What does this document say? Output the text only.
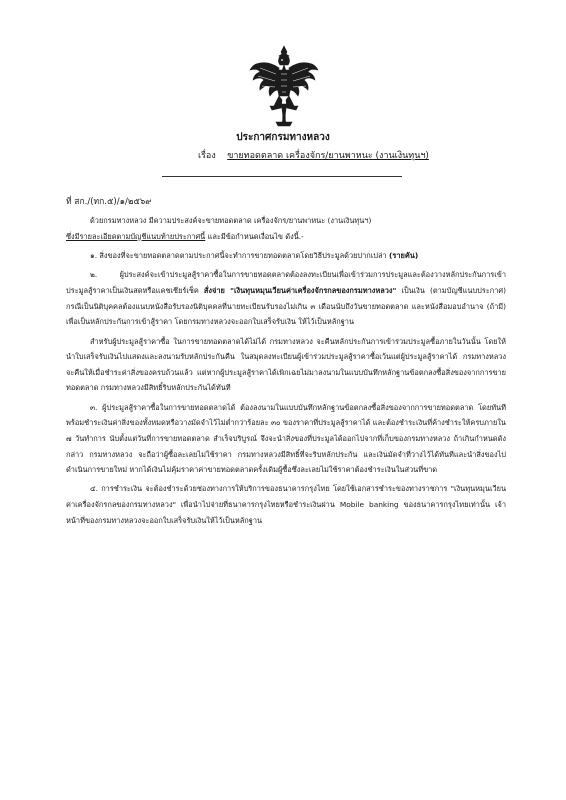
ประกาศกรมทางหลวง
เรื่อง ขายทอดตลาด เครื่องจักร/ยานพาหนะ (งานเงินทุนฯ)
ที่ สก./(ทก.๕)/๑/๒๕๖๙

ด้วยกรมทางหลวง มีความประสงค์จะขายทอดตลาด เครื่องจักร/ยานพาหนะ (งานเงินทุนฯ)
ซึ่งมีรายละเอียดตามบัญชีแนบท้ายประกาศนี้ และมีข้อกำหนดเงื่อนไข ดังนี้.-

๑. สิ่งของที่จะขายทอดตลาดตามประกาศนี้จะทำการขายทอดตลาดโดยวิธีประมูลด้วยปากเปล่า (รายคัน)

๒. ผู้ประสงค์จะเข้าประมูลสู้ราคาซื้อในการขายทอดตลาดต้องลงทะเบียนเพื่อเข้าร่วมการประมูลและต้องวางหลักประกันการเข้าประมูลสู้ราคาเป็นเงินสดหรือแคชเชียร์เช็ค สั่งจ่าย "เงินทุนหมุนเวียนค่าเครื่องจักรกลของกรมทางหลวง" เป็นเงิน (ตามบัญชีแนบประกาศ) กรณีเป็นนิติบุคคลต้องแนบหนังสือรับรองนิติบุคคลที่นายทะเบียนรับรองไม่เกิน ๓ เดือนนับถึงวันขายทอดตลาด และหนังสือมอบอำนาจ (ถ้ามี) เพื่อเป็นหลักประกันการเข้าสู้ราคา โดยกรมทางหลวงจะออกใบเสร็จรับเงิน ให้ไว้เป็นหลักฐาน

สำหรับผู้ประมูลสู้ราคาซื้อ ในการขายทอดตลาดได้ไม่ได้ กรมทางหลวง จะคืนหลักประกันการเข้าร่วมประมูลซื้อภายในวันนั้น โดยให้นำใบเสร็จรับเงินไปแสดงและลงนามรับหลักประกันคืน ในสมุดลงทะเบียนผู้เข้าร่วมประมูลสู้ราคาซื้อเว้นแต่ผู้ประมูลสู้ราคาได้ กรมทางหลวงจะคืนให้เมื่อชำระค่าสิ่งของครบถ้วนแล้ว แต่หากผู้ประมูลสู้ราคาได้เพิกเฉยไม่มาลงนามในแบบบันทึกหลักฐานข้อตกลงซื้อสิ่งของจากการขายทอดตลาด กรมทางหลวงมีสิทธิ์ริบหลักประกันได้ทันที

๓. ผู้ประมูลสู้ราคาซื้อในการขายทอดตลาดได้ ต้องลงนามในแบบบันทึกหลักฐานข้อตกลงซื้อสิ่งของจากการขายทอดตลาด โดยทันทีพร้อมชำระเงินค่าสิ่งของทั้งหมดหรือวางมัดจำไว้ไม่ต่ำกว่าร้อยละ ๓๐ ของราคาที่ประมูลสู้ราคาได้ และต้องชำระเงินที่ค้างชำระให้ครบภายใน ๗ วันทำการ นับตั้งแต่วันที่การขายทอดตลาด สำเร็จบริบูรณ์ จึงจะนำสิ่งของที่ประมูลได้ออกไปจากที่เก็บของกรมทางหลวง ถ้าเกินกำหนดดังกล่าว กรมทางหลวง จะถือว่าผู้ซื้อละเลยไม่ใช้ราคา กรมทางหลวงมีสิทธิ์ที่จะริบหลักประกัน และเงินมัดจำที่วางไว้ได้ทันทีและนำสิ่งของไป ดำเนินการขายใหม่ หากได้เงินไม่คุ้มราคาค่าขายทอดตลาดครั้งเดิมผู้ซื้อซึ่งละเลยไม่ใช้ราคาต้องชำระเงินในส่วนที่ขาด

๔. การชำระเงิน จะต้องชำระด้วยช่องทางการให้บริการของธนาคารกรุงไทย โดยใช้เอกสารชำระของทางราชการ "เงินทุนหมุนเวียนค่าเครื่องจักรกลของกรมทางหลวง" เพื่อนำไปจ่ายที่ธนาคารกรุงไทยหรือชำระเงินผ่าน Mobile banking ของธนาคารกรุงไทยเท่านั้น เจ้าหน้าที่ของกรมทางหลวงจะออกใบเสร็จรับเงินให้ไว้เป็นหลักฐาน
